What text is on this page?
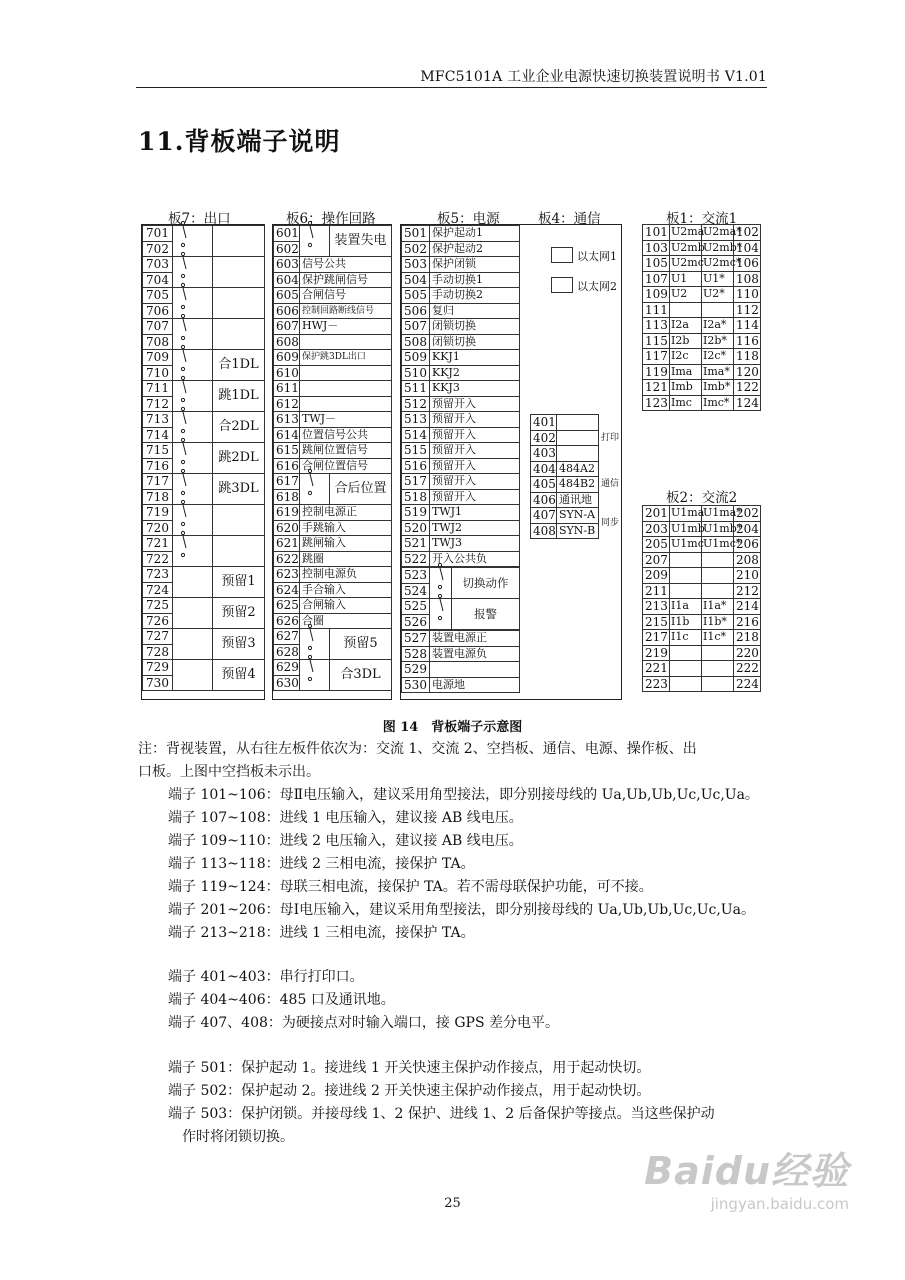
MFC5101A 工业企业电源快速切换装置说明书 V1.01
11.背板端子说明
板7：出口	板6：操作回路	板5：电源	板4：通信	板1：交流1
板2：交流2
701	

702		
703	

704		
705	

706		
707	

708		
709		合1DL
710		
711		跳1DL
712		
713		合2DL
714		
715		跳2DL
716		
717		跳3DL
718		
719	

720		
721	

722		
723		预留1
724		
725		预留2
726		
727		预留3
728		
729		预留4
730		
601		装置失电
602		
603	信号公共	
604	保护跳闸信号	
605	合闸信号	
606	控制回路断线信号	
607	HWJ－	
608		
609	保护跳3DL出口	
610		
611		
612		
613	TWJ－	
614	位置信号公共	
615	跳闸位置信号	
616	合闸位置信号	
617		合后位置
618		
619	控制电源正	
620	手跳输入	
621	跳闸输入	
622	跳圈	
623	控制电源负	
624	手合输入	
625	合闸输入	
626	合圈	
627		预留5
628		
629		合3DL
630		
501	保护起动1
502	保护起动2
503	保护闭锁
504	手动切换1
505	手动切换2
506	复归
507	闭锁切换
508	闭锁切换
509	KKJ1
510	KKJ2
511	KKJ3
512	预留开入
513	预留开入
514	预留开入
515	预留开入
516	预留开入
517	预留开入
518	预留开入
519	TWJ1
520	TWJ2
521	TWJ3
522	开入公共负
523		切换动作
524		
525		报警
526		
527	装置电源正
528	装置电源负
529	
530	电源地
以太网1
以太网2
401		打印
402		
403		
404	484A2	通信
405	484B2	
406	通讯地	
407	SYN-A	同步
408	SYN-B	
101	U2ma	U2ma*	102
103	U2mb	U2mb*	104
105	U2mc	U2mc*	106
107	U1	U1*	108
109	U2	U2*	110
111			112
113	I2a	I2a*	114
115	I2b	I2b*	116
117	I2c	I2c*	118
119	Ima	Ima*	120
121	Imb	Imb*	122
123	Imc	Imc*	124
201	U1ma	U1ma*	202
203	U1mb	U1mb*	204
205	U1mc	U1mc*	206
207			208
209			210
211			212
213	I1a	I1a*	214
215	I1b	I1b*	216
217	I1c	I1c*	218
219			220
221			222
223			224
图 14　背板端子示意图
注：背视装置，从右往左板件依次为：交流 1、交流 2、空挡板、通信、电源、操作板、出
口板。上图中空挡板未示出。
端子 101~106：母Ⅱ电压输入，建议采用角型接法，即分别接母线的 Ua,Ub,Ub,Uc,Uc,Ua。
端子 107~108：进线 1 电压输入，建议接 AB 线电压。
端子 109~110：进线 2 电压输入，建议接 AB 线电压。
端子 113~118：进线 2 三相电流，接保护 TA。
端子 119~124：母联三相电流，接保护 TA。若不需母联保护功能，可不接。
端子 201~206：母Ⅰ电压输入，建议采用角型接法，即分别接母线的 Ua,Ub,Ub,Uc,Uc,Ua。
端子 213~218：进线 1 三相电流，接保护 TA。
端子 401~403：串行打印口。
端子 404~406：485 口及通讯地。
端子 407、408：为硬接点对时输入端口，接 GPS 差分电平。
端子 501：保护起动 1。接进线 1 开关快速主保护动作接点，用于起动快切。
端子 502：保护起动 2。接进线 2 开关快速主保护动作接点，用于起动快切。
端子 503：保护闭锁。并接母线 1、2 保护、进线 1、2 后备保护等接点。当这些保护动
作时将闭锁切换。
25
Baidu经验
jingyan.baidu.com
